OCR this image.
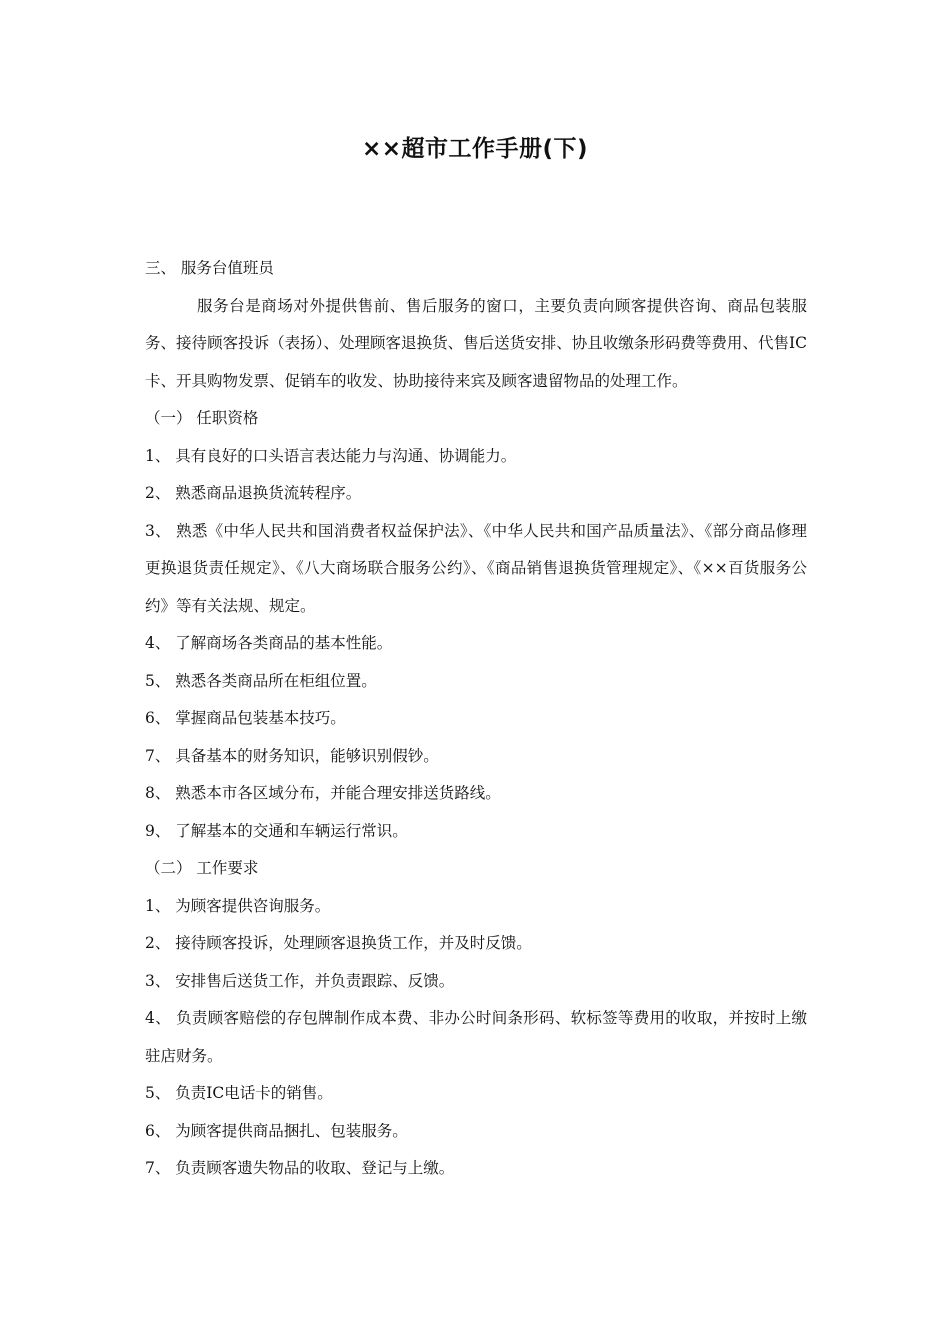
××超市工作手册(下)

三、 服务台值班员

服务台是商场对外提供售前、售后服务的窗口，主要负责向顾客提供咨询、商品包装服务、接待顾客投诉（表扬）、处理顾客退换货、售后送货安排、协且收缴条形码费等费用、代售IC卡、开具购物发票、促销车的收发、协助接待来宾及顾客遗留物品的处理工作。

（一） 任职资格

1、 具有良好的口头语言表达能力与沟通、协调能力。

2、 熟悉商品退换货流转程序。

3、 熟悉《中华人民共和国消费者权益保护法》、《中华人民共和国产品质量法》、《部分商品修理更换退货责任规定》、《八大商场联合服务公约》、《商品销售退换货管理规定》、《××百货服务公约》等有关法规、规定。

4、 了解商场各类商品的基本性能。

5、 熟悉各类商品所在柜组位置。

6、 掌握商品包装基本技巧。

7、 具备基本的财务知识，能够识别假钞。

8、 熟悉本市各区域分布，并能合理安排送货路线。

9、 了解基本的交通和车辆运行常识。

（二） 工作要求

1、 为顾客提供咨询服务。

2、 接待顾客投诉，处理顾客退换货工作，并及时反馈。

3、 安排售后送货工作，并负责跟踪、反馈。

4、 负责顾客赔偿的存包牌制作成本费、非办公时间条形码、软标签等费用的收取，并按时上缴驻店财务。

5、 负责IC电话卡的销售。

6、 为顾客提供商品捆扎、包装服务。

7、 负责顾客遗失物品的收取、登记与上缴。
